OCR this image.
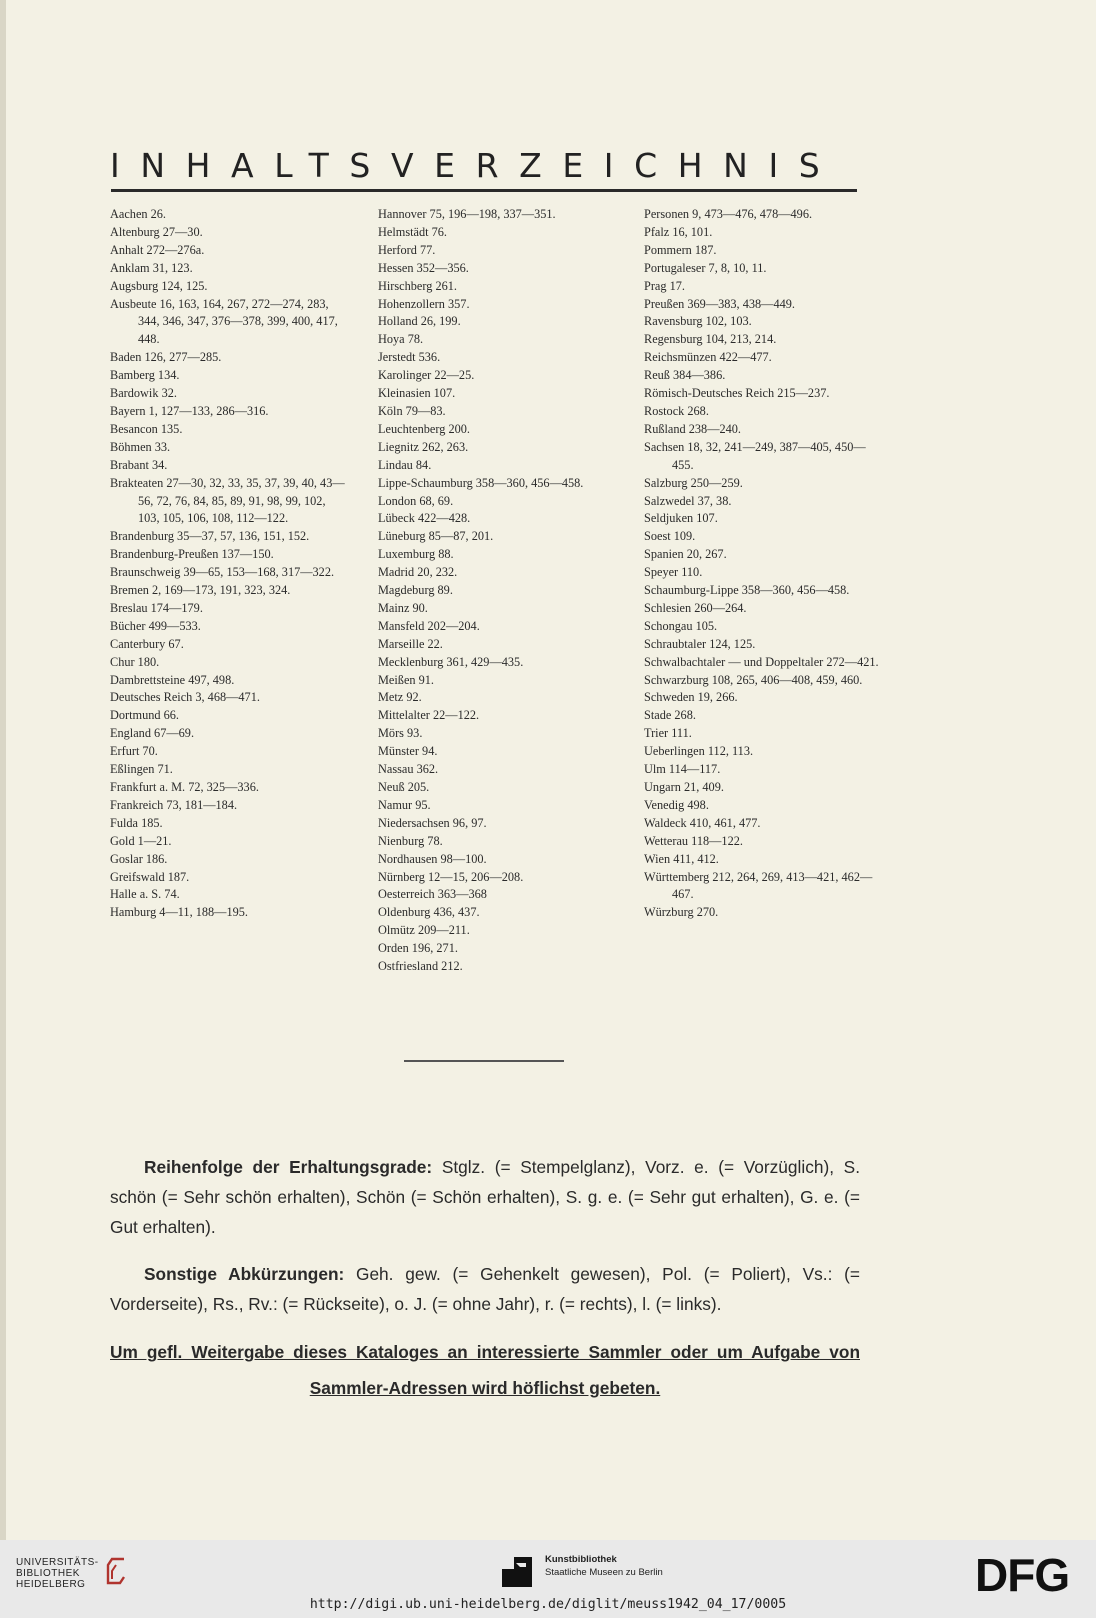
INHALTSVERZEICHNIS
Aachen 26.
Altenburg 27—30.
Anhalt 272—276a.
Anklam 31, 123.
Augsburg 124, 125.
Ausbeute 16, 163, 164, 267, 272—274, 283, 344, 346, 347, 376—378, 399, 400, 417, 448.
Baden 126, 277—285.
Bamberg 134.
Bardowik 32.
Bayern 1, 127—133, 286—316.
Besancon 135.
Böhmen 33.
Brabant 34.
Brakteaten 27—30, 32, 33, 35, 37, 39, 40, 43—56, 72, 76, 84, 85, 89, 91, 98, 99, 102, 103, 105, 106, 108, 112—122.
Brandenburg 35—37, 57, 136, 151, 152.
Brandenburg-Preußen 137—150.
Braunschweig 39—65, 153—168, 317—322.
Bremen 2, 169—173, 191, 323, 324.
Breslau 174—179.
Bücher 499—533.
Canterbury 67.
Chur 180.
Dambrettsteine 497, 498.
Deutsches Reich 3, 468—471.
Dortmund 66.
England 67—69.
Erfurt 70.
Eßlingen 71.
Frankfurt a. M. 72, 325—336.
Frankreich 73, 181—184.
Fulda 185.
Gold 1—21.
Goslar 186.
Greifswald 187.
Halle a. S. 74.
Hamburg 4—11, 188—195.
Hannover 75, 196—198, 337—351.
Helmstädt 76.
Herford 77.
Hessen 352—356.
Hirschberg 261.
Hohenzollern 357.
Holland 26, 199.
Hoya 78.
Jerstedt 536.
Karolinger 22—25.
Kleinasien 107.
Köln 79—83.
Leuchtenberg 200.
Liegnitz 262, 263.
Lindau 84.
Lippe-Schaumburg 358—360, 456—458.
London 68, 69.
Lübeck 422—428.
Lüneburg 85—87, 201.
Luxemburg 88.
Madrid 20, 232.
Magdeburg 89.
Mainz 90.
Mansfeld 202—204.
Marseille 22.
Mecklenburg 361, 429—435.
Meißen 91.
Metz 92.
Mittelalter 22—122.
Mörs 93.
Münster 94.
Nassau 362.
Neuß 205.
Namur 95.
Niedersachsen 96, 97.
Nienburg 78.
Nordhausen 98—100.
Nürnberg 12—15, 206—208.
Oesterreich 363—368
Oldenburg 436, 437.
Olmütz 209—211.
Orden 196, 271.
Ostfriesland 212.
Personen 9, 473—476, 478—496.
Pfalz 16, 101.
Pommern 187.
Portugaleser 7, 8, 10, 11.
Prag 17.
Preußen 369—383, 438—449.
Ravensburg 102, 103.
Regensburg 104, 213, 214.
Reichsmünzen 422—477.
Reuß 384—386.
Römisch-Deutsches Reich 215—237.
Rostock 268.
Rußland 238—240.
Sachsen 18, 32, 241—249, 387—405, 450—455.
Salzburg 250—259.
Salzwedel 37, 38.
Seldjuken 107.
Soest 109.
Spanien 20, 267.
Speyer 110.
Schaumburg-Lippe 358—360, 456—458.
Schlesien 260—264.
Schongau 105.
Schraubtaler 124, 125.
Schwalbachtaler — und Doppeltaler 272—421.
Schwarzburg 108, 265, 406—408, 459, 460.
Schweden 19, 266.
Stade 268.
Trier 111.
Ueberlingen 112, 113.
Ulm 114—117.
Ungarn 21, 409.
Venedig 498.
Waldeck 410, 461, 477.
Wetterau 118—122.
Wien 411, 412.
Württemberg 212, 264, 269, 413—421, 462—467.
Würzburg 270.

Reihenfolge der Erhaltungsgrade: Stglz. (= Stempelglanz), Vorz. e. (= Vorzüglich), S. schön (= Sehr schön erhalten), Schön (= Schön erhalten), S. g. e. (= Sehr gut erhalten), G. e. (= Gut erhalten).

Sonstige Abkürzungen: Geh. gew. (= Gehenkelt gewesen), Pol. (= Poliert), Vs.: (= Vorderseite), Rs., Rv.: (= Rückseite), o. J. (= ohne Jahr), r. (= rechts), l. (= links).

Um gefl. Weitergabe dieses Kataloges an interessierte Sammler oder um Aufgabe von Sammler-Adressen wird höflichst gebeten.

UNIVERSITÄTS-
BIBLIOTHEK
HEIDELBERG
Kunstbibliothek
Staatliche Museen zu Berlin	DFG
http://digi.ub.uni-heidelberg.de/diglit/meuss1942_04_17/0005
